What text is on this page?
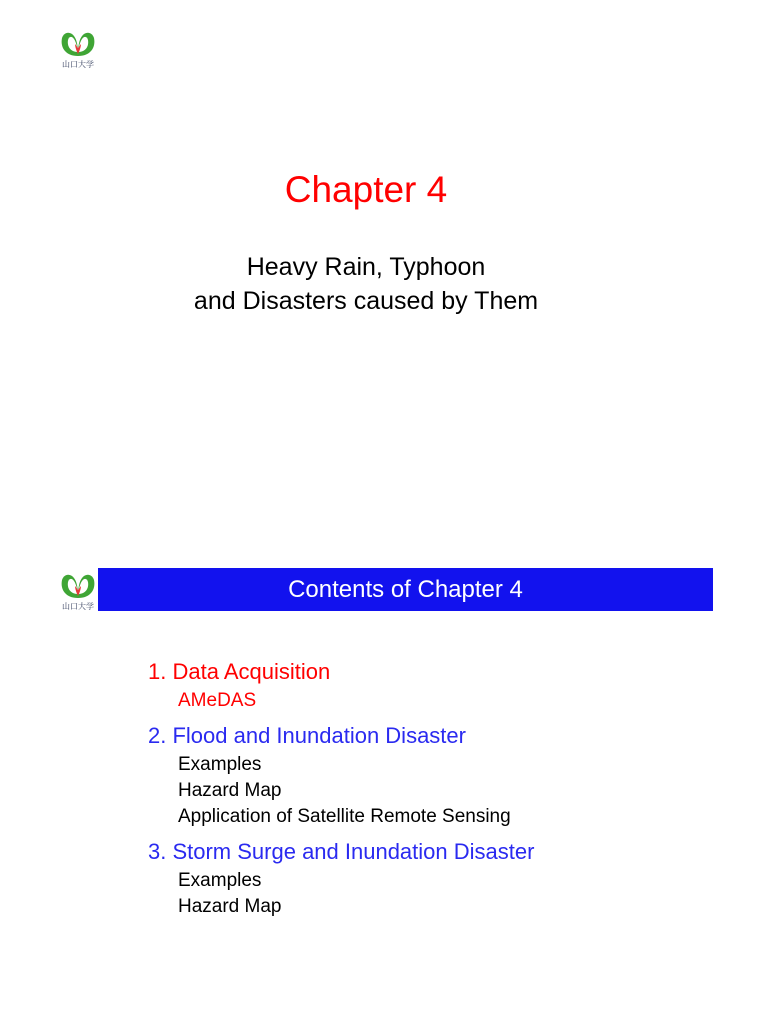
山口大学
Chapter 4
Heavy Rain, Typhoon
and Disasters caused by Them
山口大学
Contents of Chapter 4
1. Data Acquisition
AMeDAS
2. Flood and Inundation Disaster
Examples
Hazard Map
Application of Satellite Remote Sensing
3. Storm Surge and Inundation Disaster
Examples
Hazard Map
